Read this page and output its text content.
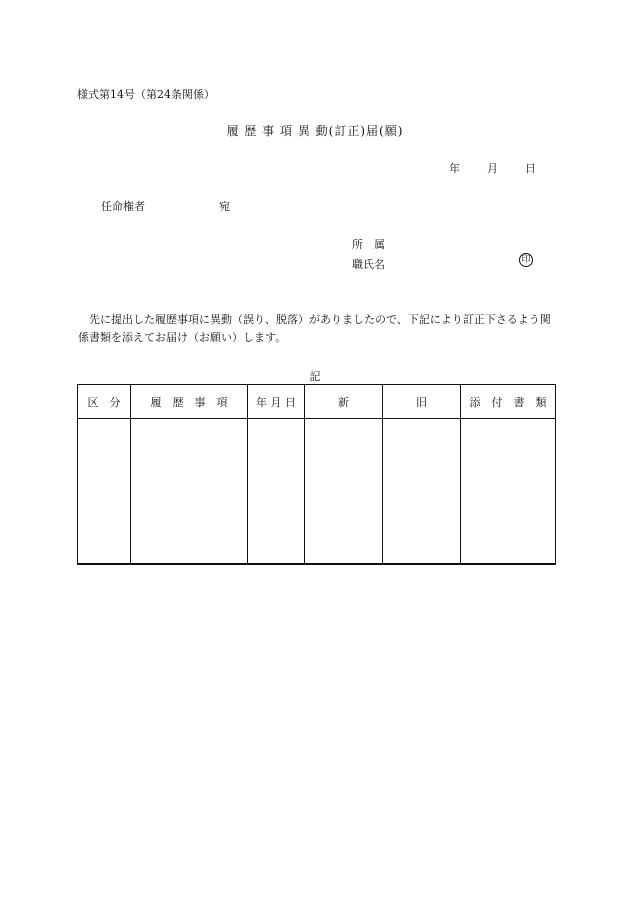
様式第14号（第24条関係）
履 歴 事 項 異 動(訂正)届(願)
年 月 日
任命権者	宛
所　属
職氏名	印
先に提出した履歴事項に異動（誤り、脱落）がありましたので、下記により訂正下さるよう関係書類を添えてお届け（お願い）します。
記
区　分	履　歴　事　項	年 月 日	新	旧	添　付　書　類
